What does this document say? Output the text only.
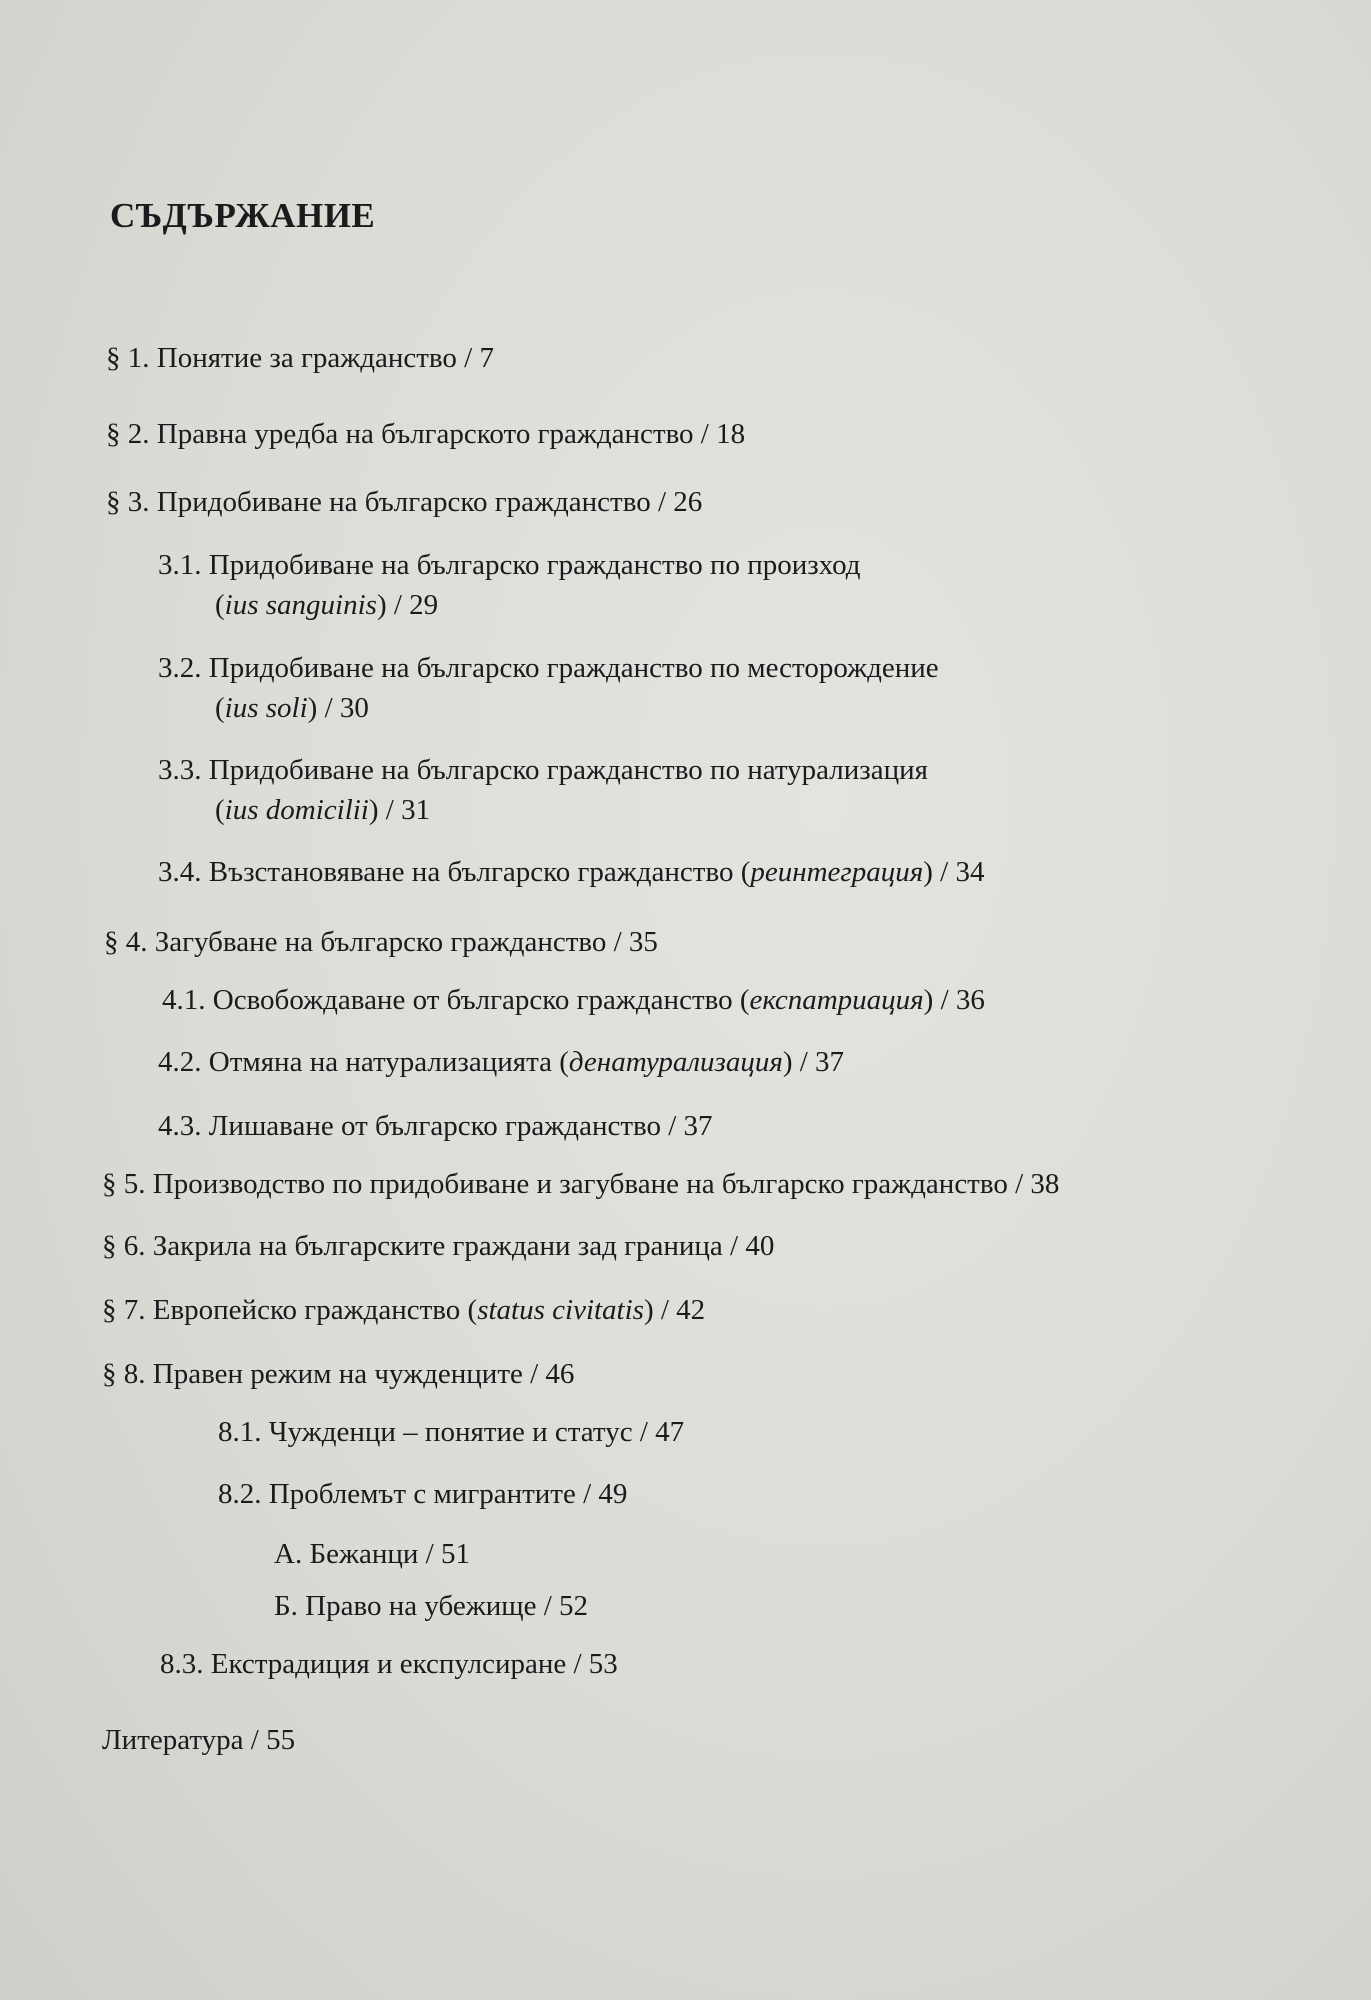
СЪДЪРЖАНИЕ
§ 1. Понятие за гражданство / 7
§ 2. Правна уредба на българското гражданство / 18
§ 3. Придобиване на българско гражданство / 26
3.1. Придобиване на българско гражданство по произход
(ius sanguinis) / 29
3.2. Придобиване на българско гражданство по месторождение
(ius soli) / 30
3.3. Придобиване на българско гражданство по натурализация
(ius domicilii) / 31
3.4. Възстановяване на българско гражданство (реинтеграция) / 34
§ 4. Загубване на българско гражданство / 35
4.1. Освобождаване от българско гражданство (експатриация) / 36
4.2. Отмяна на натурализацията (денатурализация) / 37
4.3. Лишаване от българско гражданство / 37
§ 5. Производство по придобиване и загубване на българско гражданство / 38
§ 6. Закрила на българските граждани зад граница / 40
§ 7. Европейско гражданство (status civitatis) / 42
§ 8. Правен режим на чужденците / 46
8.1. Чужденци – понятие и статус / 47
8.2. Проблемът с мигрантите / 49
А. Бежанци / 51
Б. Право на убежище / 52
8.3. Екстрадиция и експулсиране / 53
Литература / 55
